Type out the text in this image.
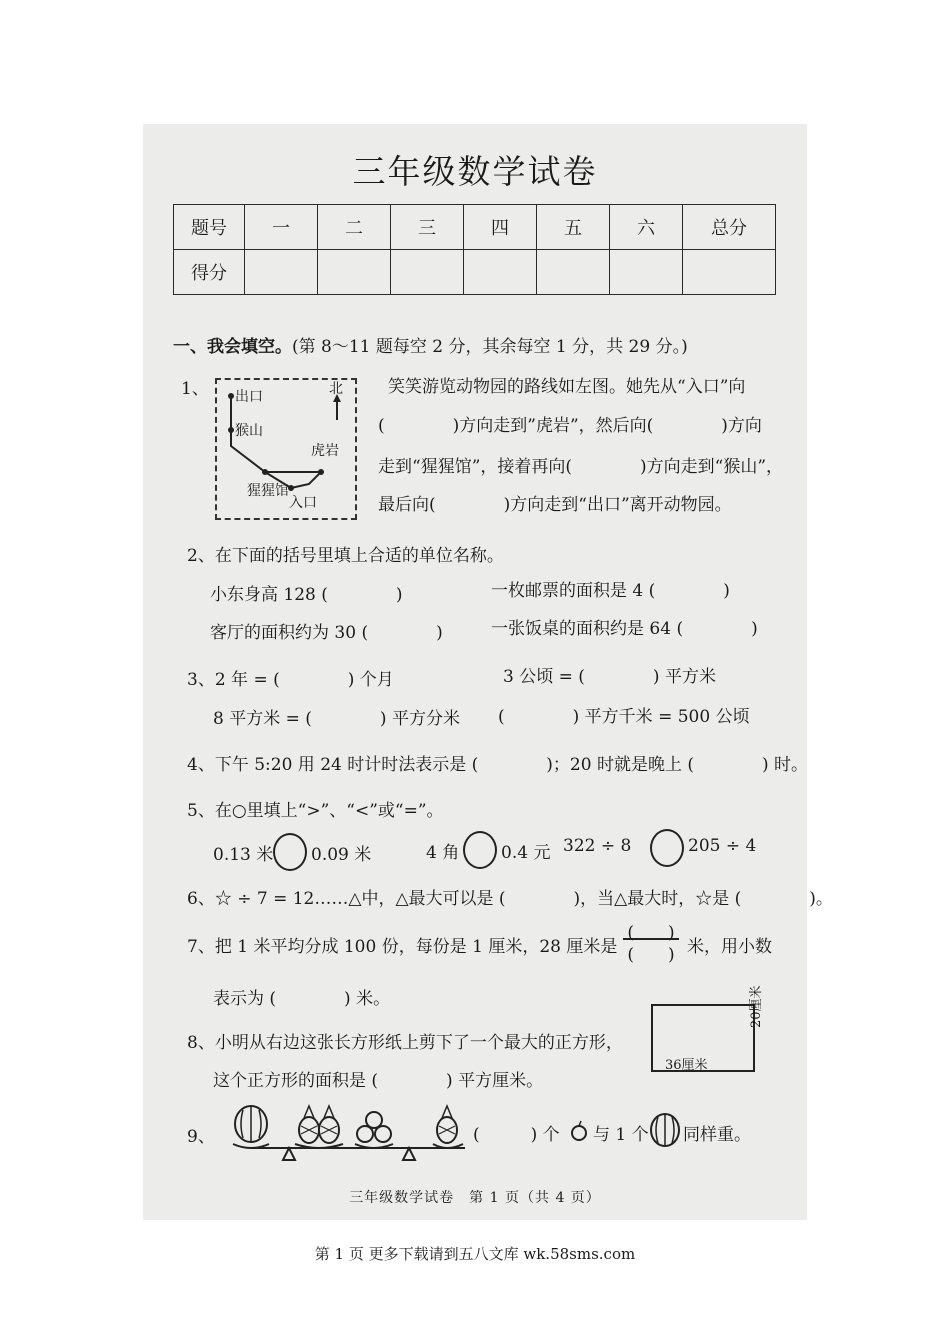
三年级数学试卷
题号	一	二	三	四	五	六	总分
得分							
一、我会填空。(第 8～11 题每空 2 分，其余每空 1 分，共 29 分。)
1、 出口	北
猴山
虎岩
猩猩馆
入口
笑笑游览动物园的路线如左图。她先从“入口”向
(　　　　)方向走到”虎岩”，然后向(　　　　)方向
走到“猩猩馆”，接着再向(　　　　)方向走到“猴山”，
最后向(　　　　)方向走到“出口”离开动物园。
2、在下面的括号里填上合适的单位名称。
小东身高 128 (　　　　)	一枚邮票的面积是 4 (　　　　)
客厅的面积约为 30 (　　　　)	一张饭桌的面积约是 64 (　　　　)
3、2 年 = (　　　　) 个月	3 公顷 = (　　　　) 平方米
8 平方米 = (　　　　) 平方分米 (　　　　) 平方千米 = 500 公顷
4、下午 5:20 用 24 时计时法表示是 (　　　　)；20 时就是晚上 (　　　　) 时。
5、在○里填上“>”、“<”或“=”。
0.13 米 0.09 米	4 角 0.4 元 322 ÷ 8	205 ÷ 4
6、☆ ÷ 7 = 12……△中，△最大可以是 (　　　　)，当△最大时，☆是 (　　　　)。
7、把 1 米平均分成 100 份，每份是 1 厘米，28 厘米是
(　　)
(　　) 米，用小数
表示为 (　　　　) 米。
8、小明从右边这张长方形纸上剪下了一个最大的正方形，
这个正方形的面积是 (　　　　) 平方厘米。
36厘米
20厘米
9、	(　　　) 个 与 1 个 同样重。
三年级数学试卷　第 1 页（共 4 页）
第 1 页 更多下载请到五八文库 wk.58sms.com
